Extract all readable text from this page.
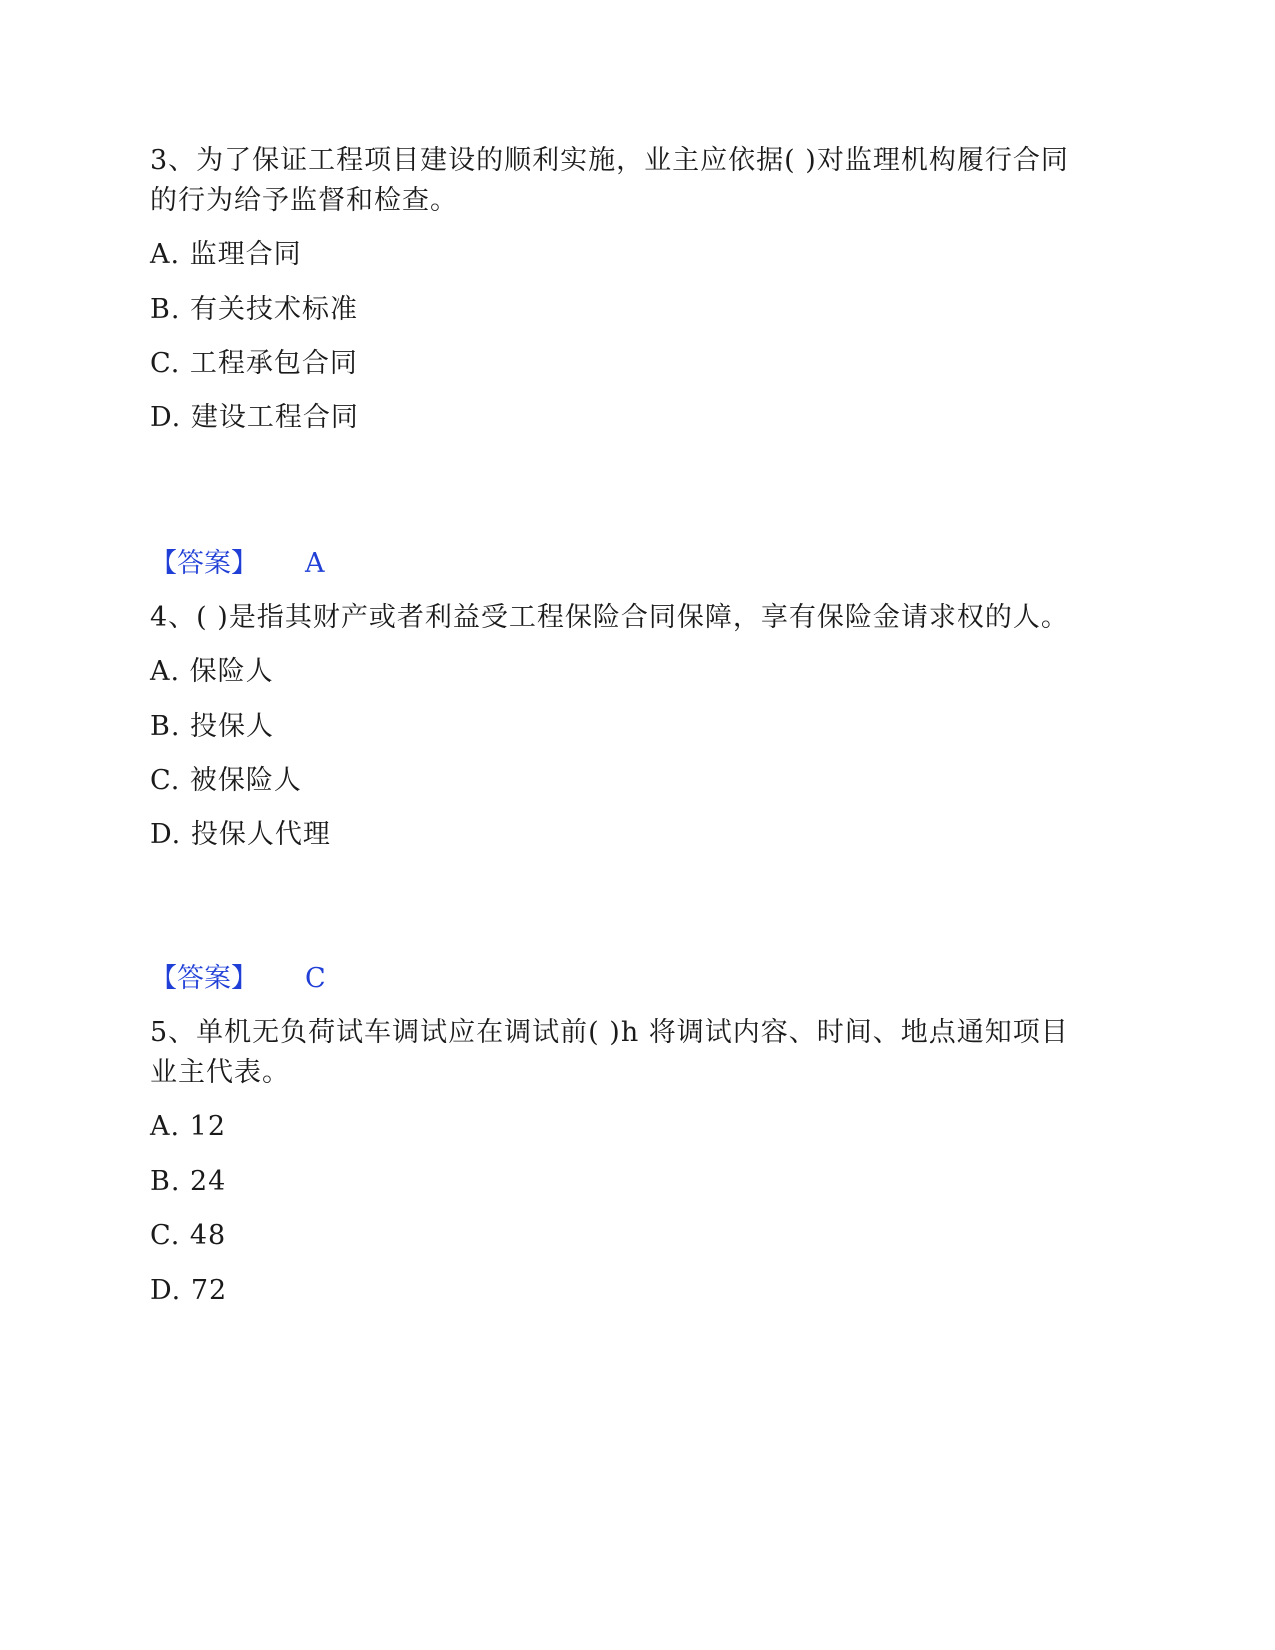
3、为了保证工程项目建设的顺利实施，业主应依据( )对监理机构履行合同
的行为给予监督和检查。
A. 监理合同
B. 有关技术标准
C. 工程承包合同
D. 建设工程合同
【答案】 A
4、( )是指其财产或者利益受工程保险合同保障，享有保险金请求权的人。
A. 保险人
B. 投保人
C. 被保险人
D. 投保人代理
【答案】 C
5、单机无负荷试车调试应在调试前( )h 将调试内容、时间、地点通知项目
业主代表。
A. 12
B. 24
C. 48
D. 72
